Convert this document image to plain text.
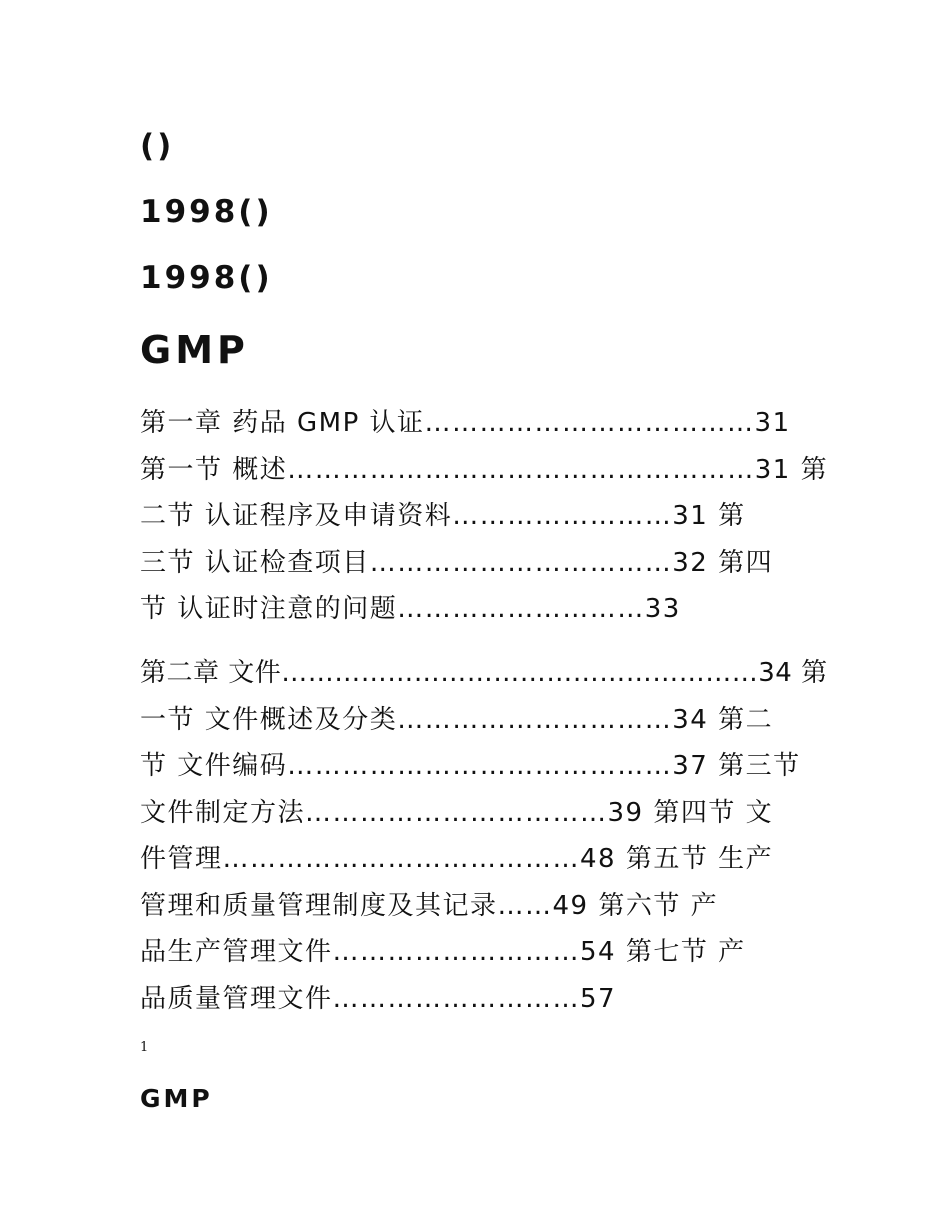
()
1998()
1998()
GMP
第一章 药品 GMP 认证………………………………31
第一节 概述……………………………………………31 第
二节 认证程序及申请资料……………………31 第
三节 认证检查项目……………………………32 第四
节 认证时注意的问题………………………33
第二章 文件………………………………………………34 第
一节 文件概述及分类…………………………34 第二
节 文件编码……………………………………37 第三节
文件制定方法……………………………39 第四节 文
件管理…………………………………48 第五节 生产
管理和质量管理制度及其记录……49 第六节 产
品生产管理文件………………………54 第七节 产
品质量管理文件………………………57
1
GMP
